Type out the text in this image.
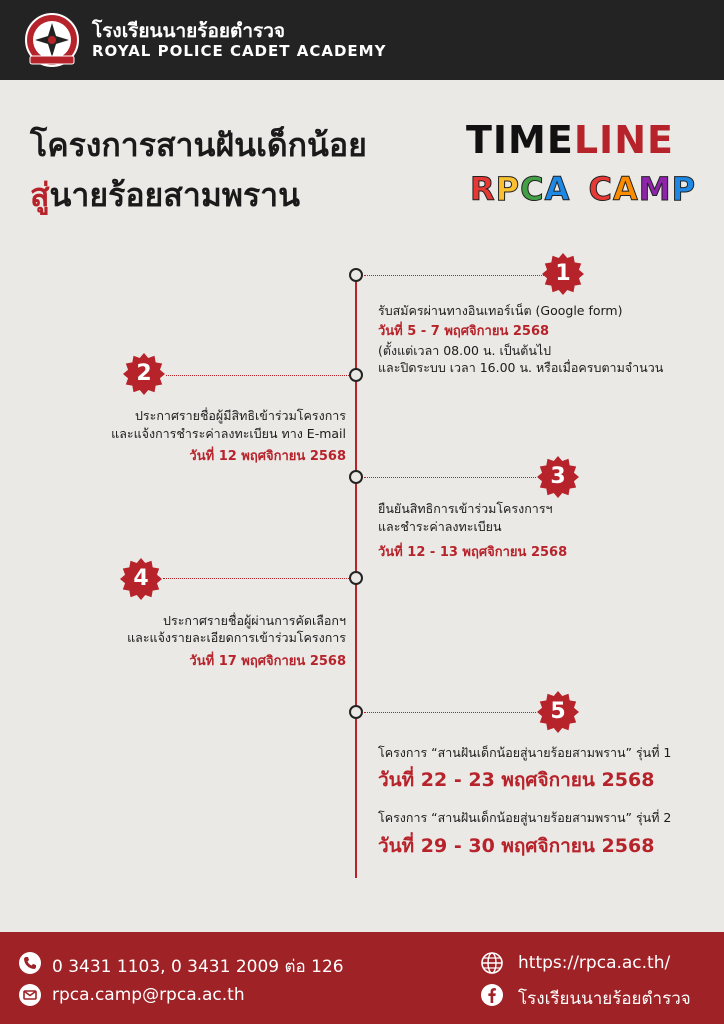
โรงเรียนนายร้อยตำรวจ
ROYAL POLICE CADET ACADEMY
โครงการสานฝันเด็กน้อย
สู่นายร้อยสามพราน
TIMELINE
RPCA CAMP
1
รับสมัครผ่านทางอินเทอร์เน็ต (Google form)
วันที่ 5 - 7 พฤศจิกายน 2568
(ตั้งแต่เวลา 08.00 น. เป็นต้นไป
และปิดระบบ เวลา 16.00 น. หรือเมื่อครบตามจำนวน
2
ประกาศรายชื่อผู้มีสิทธิเข้าร่วมโครงการ
และแจ้งการชำระค่าลงทะเบียน ทาง E-mail
วันที่ 12 พฤศจิกายน 2568
3
ยืนยันสิทธิการเข้าร่วมโครงการฯ
และชำระค่าลงทะเบียน
วันที่ 12 - 13 พฤศจิกายน 2568
4
ประกาศรายชื่อผู้ผ่านการคัดเลือกฯ
และแจ้งรายละเอียดการเข้าร่วมโครงการ
วันที่ 17 พฤศจิกายน 2568
5
โครงการ “สานฝันเด็กน้อยสู่นายร้อยสามพราน” รุ่นที่ 1
วันที่ 22 - 23 พฤศจิกายน 2568
โครงการ “สานฝันเด็กน้อยสู่นายร้อยสามพราน” รุ่นที่ 2
วันที่ 29 - 30 พฤศจิกายน 2568
0 3431 1103, 0 3431 2009 ต่อ 126
rpca.camp@rpca.ac.th
https://rpca.ac.th/
โรงเรียนนายร้อยตำรวจ
